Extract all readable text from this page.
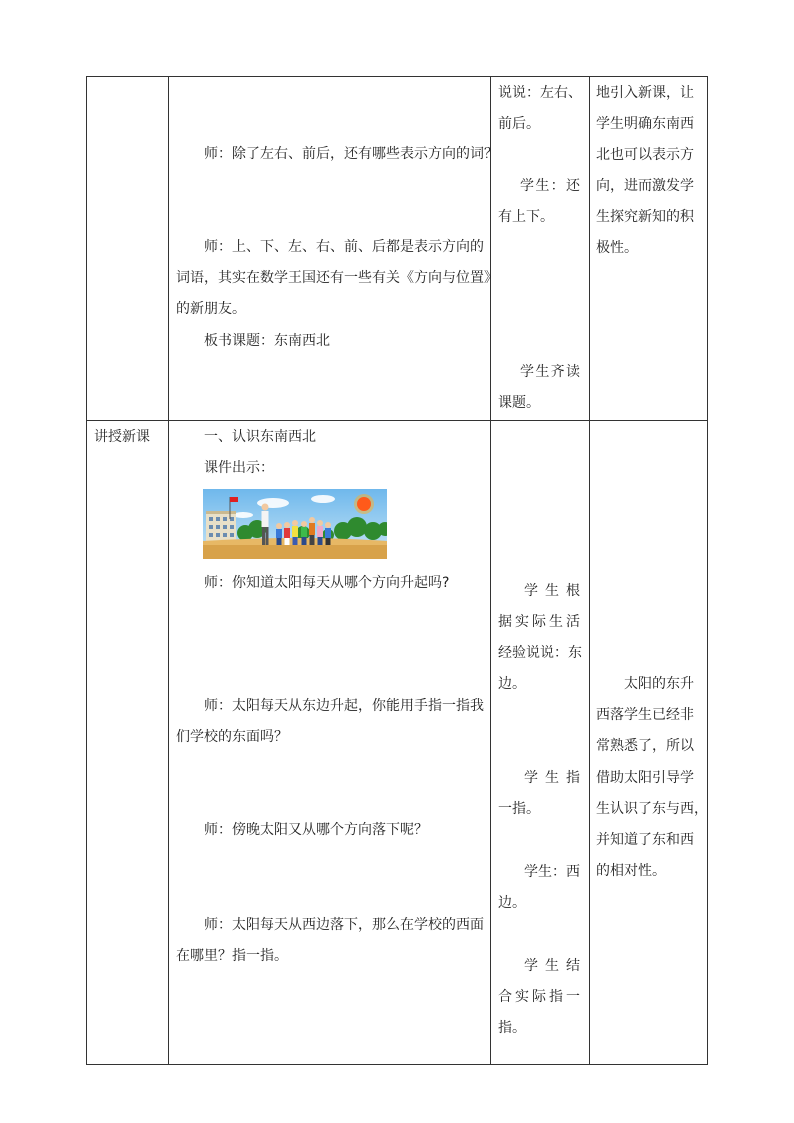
师：除了左右、前后，还有哪些表示方向的词？

师：上、下、左、右、前、后都是表示方向的

词语，其实在数学王国还有一些有关《方向与位置》

的新朋友。

板书课题：东南西北

说说：左右、

前后。

学生：还

有上下。

学生齐读

课题。

地引入新课，让

学生明确东南西

北也可以表示方

向，进而激发学

生探究新知的积

极性。

讲授新课	一、认识东南西北

课件出示：

师：你知道太阳每天从哪个方向升起吗?

师：太阳每天从东边升起，你能用手指一指我

们学校的东面吗？

师：傍晚太阳又从哪个方向落下呢？

师：太阳每天从西边落下，那么在学校的西面

在哪里？指一指。

学生根

据实际生活

经验说说：东

边。

学生指

一指。

学生：西

边。

学生结

合实际指一

指。

太阳的东升

西落学生已经非

常熟悉了，所以

借助太阳引导学

生认识了东与西，

并知道了东和西

的相对性。
